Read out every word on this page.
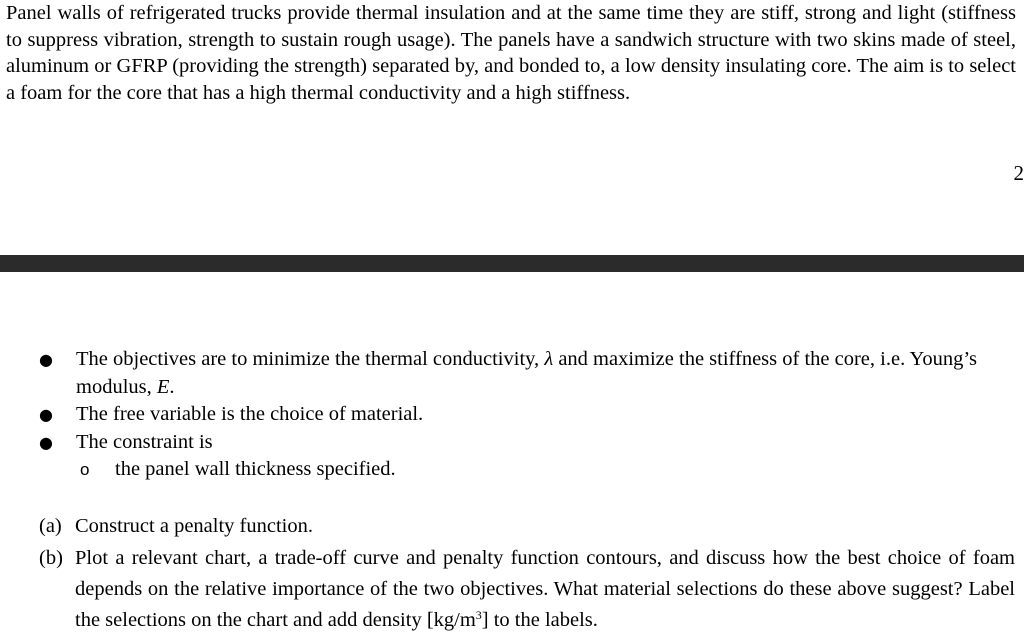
Panel walls of refrigerated trucks provide thermal insulation and at the same time they are stiff, strong and light (stiffness to suppress vibration, strength to sustain rough usage). The panels have a sandwich structure with two skins made of steel, aluminum or GFRP (providing the strength) separated by, and bonded to, a low density insulating core. The aim is to select a foam for the core that has a high thermal conductivity and a high stiffness.
2
● The objectives are to minimize the thermal conductivity, λ and maximize the stiffness of the core, i.e. Young’s modulus, E.
● The free variable is the choice of material.
● The constraint is
o the panel wall thickness specified.
(a) Construct a penalty function.
(b) Plot a relevant chart, a trade-off curve and penalty function contours, and discuss how the best choice of foam depends on the relative importance of the two objectives. What material selections do these above suggest? Label the selections on the chart and add density $[kg/m^3]$ to the labels.
